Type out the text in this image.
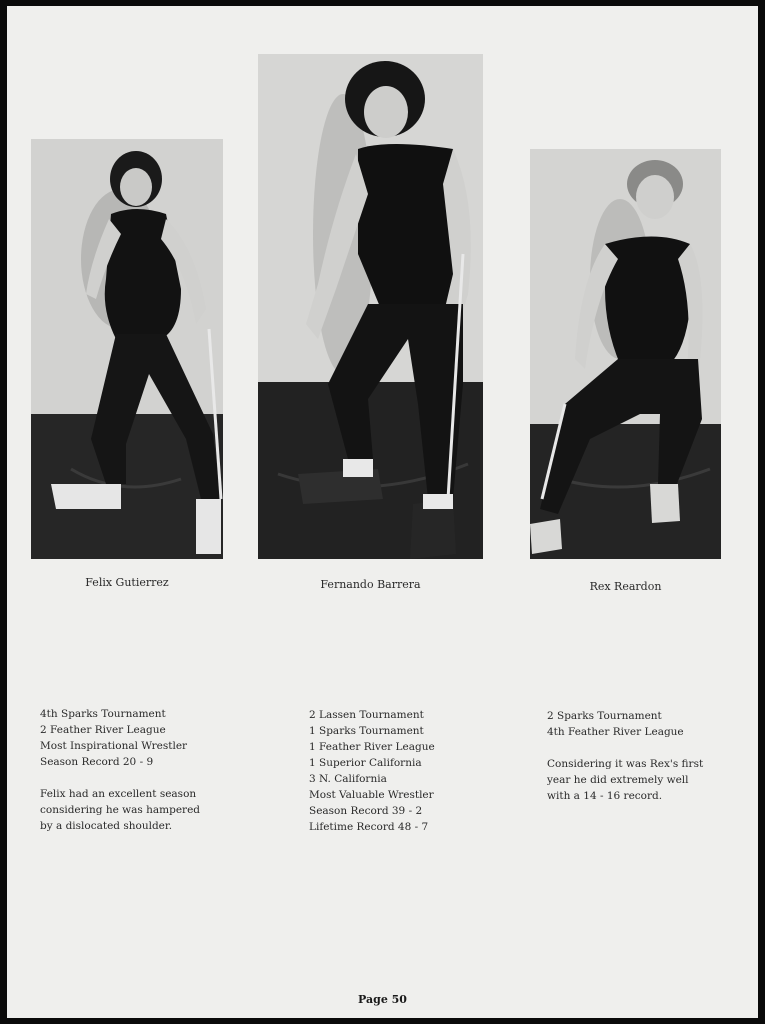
Felix Gutierrez	Fernando Barrera	Rex Reardon
4th Sparks Tournament
2 Feather River League
Most Inspirational Wrestler
Season Record 20 - 9
Felix had an excellent season
considering he was hampered
by a dislocated shoulder.
2 Lassen Tournament
1 Sparks Tournament
1 Feather River League
1 Superior California
3 N. California
Most Valuable Wrestler
Season Record 39 - 2
Lifetime Record 48 - 7
2 Sparks Tournament
4th Feather River League
Considering it was Rex's first
year he did extremely well
with a 14 - 16 record.
Page 50
